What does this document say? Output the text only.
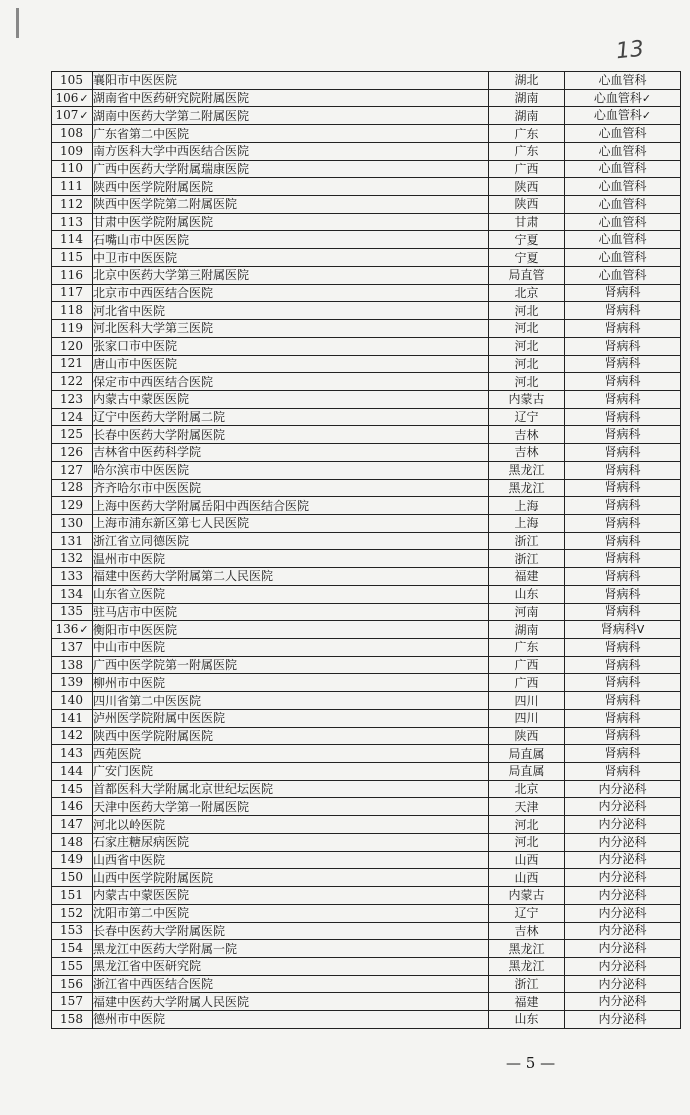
13
105	襄阳市中医医院	湖北	心血管科
106✓	湖南省中医药研究院附属医院	湖南	心血管科✓
107✓	湖南中医药大学第二附属医院	湖南	心血管科✓
108	广东省第二中医院	广东	心血管科
109	南方医科大学中西医结合医院	广东	心血管科
110	广西中医药大学附属瑞康医院	广西	心血管科
111	陕西中医学院附属医院	陕西	心血管科
112	陕西中医学院第二附属医院	陕西	心血管科
113	甘肃中医学院附属医院	甘肃	心血管科
114	石嘴山市中医医院	宁夏	心血管科
115	中卫市中医医院	宁夏	心血管科
116	北京中医药大学第三附属医院	局直管	心血管科
117	北京市中西医结合医院	北京	肾病科
118	河北省中医院	河北	肾病科
119	河北医科大学第三医院	河北	肾病科
120	张家口市中医院	河北	肾病科
121	唐山市中医医院	河北	肾病科
122	保定市中西医结合医院	河北	肾病科
123	内蒙古中蒙医医院	内蒙古	肾病科
124	辽宁中医药大学附属二院	辽宁	肾病科
125	长春中医药大学附属医院	吉林	肾病科
126	吉林省中医药科学院	吉林	肾病科
127	哈尔滨市中医医院	黑龙江	肾病科
128	齐齐哈尔市中医医院	黑龙江	肾病科
129	上海中医药大学附属岳阳中西医结合医院	上海	肾病科
130	上海市浦东新区第七人民医院	上海	肾病科
131	浙江省立同德医院	浙江	肾病科
132	温州市中医院	浙江	肾病科
133	福建中医药大学附属第二人民医院	福建	肾病科
134	山东省立医院	山东	肾病科
135	驻马店市中医院	河南	肾病科
136✓	衡阳市中医医院	湖南	肾病科V
137	中山市中医院	广东	肾病科
138	广西中医学院第一附属医院	广西	肾病科
139	柳州市中医院	广西	肾病科
140	四川省第二中医医院	四川	肾病科
141	泸州医学院附属中医医院	四川	肾病科
142	陕西中医学院附属医院	陕西	肾病科
143	西苑医院	局直属	肾病科
144	广安门医院	局直属	肾病科
145	首都医科大学附属北京世纪坛医院	北京	内分泌科
146	天津中医药大学第一附属医院	天津	内分泌科
147	河北以岭医院	河北	内分泌科
148	石家庄糖尿病医院	河北	内分泌科
149	山西省中医院	山西	内分泌科
150	山西中医学院附属医院	山西	内分泌科
151	内蒙古中蒙医医院	内蒙古	内分泌科
152	沈阳市第二中医院	辽宁	内分泌科
153	长春中医药大学附属医院	吉林	内分泌科
154	黑龙江中医药大学附属一院	黑龙江	内分泌科
155	黑龙江省中医研究院	黑龙江	内分泌科
156	浙江省中西医结合医院	浙江	内分泌科
157	福建中医药大学附属人民医院	福建	内分泌科
158	德州市中医院	山东	内分泌科
— 5 —
